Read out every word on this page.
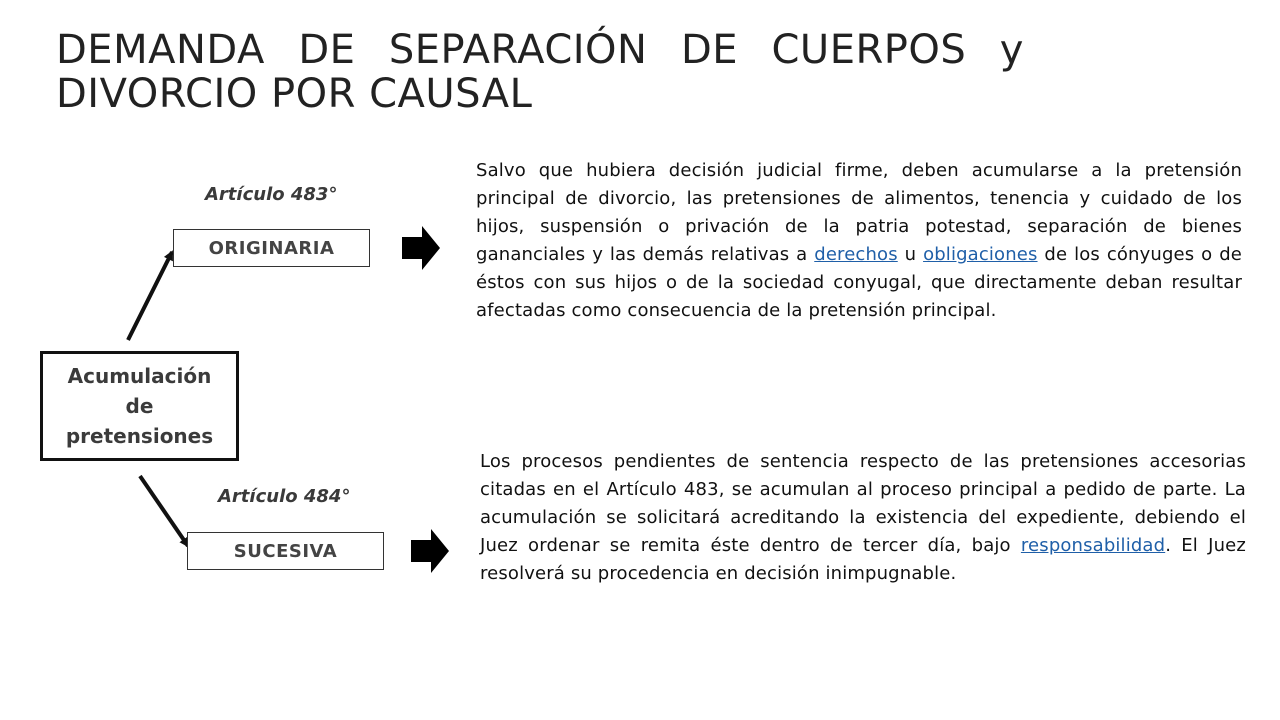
DEMANDA DE SEPARACIÓN DE CUERPOS y
DIVORCIO POR CAUSAL
Artículo 483°
Artículo 484°
ORIGINARIA
SUCESIVA
Acumulación
de
pretensiones
Salvo que hubiera decisión judicial firme, deben acumularse a la pretensión principal de divorcio, las pretensiones de alimentos, tenencia y cuidado de los hijos, suspensión o privación de la patria potestad, separación de bienes gananciales y las demás relativas a derechos u obligaciones de los cónyuges o de éstos con sus hijos o de la sociedad conyugal, que directamente deban resultar afectadas como consecuencia de la pretensión principal.
Los procesos pendientes de sentencia respecto de las pretensiones accesorias citadas en el Artículo 483, se acumulan al proceso principal a pedido de parte. La acumulación se solicitará acreditando la existencia del expediente, debiendo el Juez ordenar se remita éste dentro de tercer día, bajo responsabilidad. El Juez resolverá su procedencia en decisión inimpugnable.
